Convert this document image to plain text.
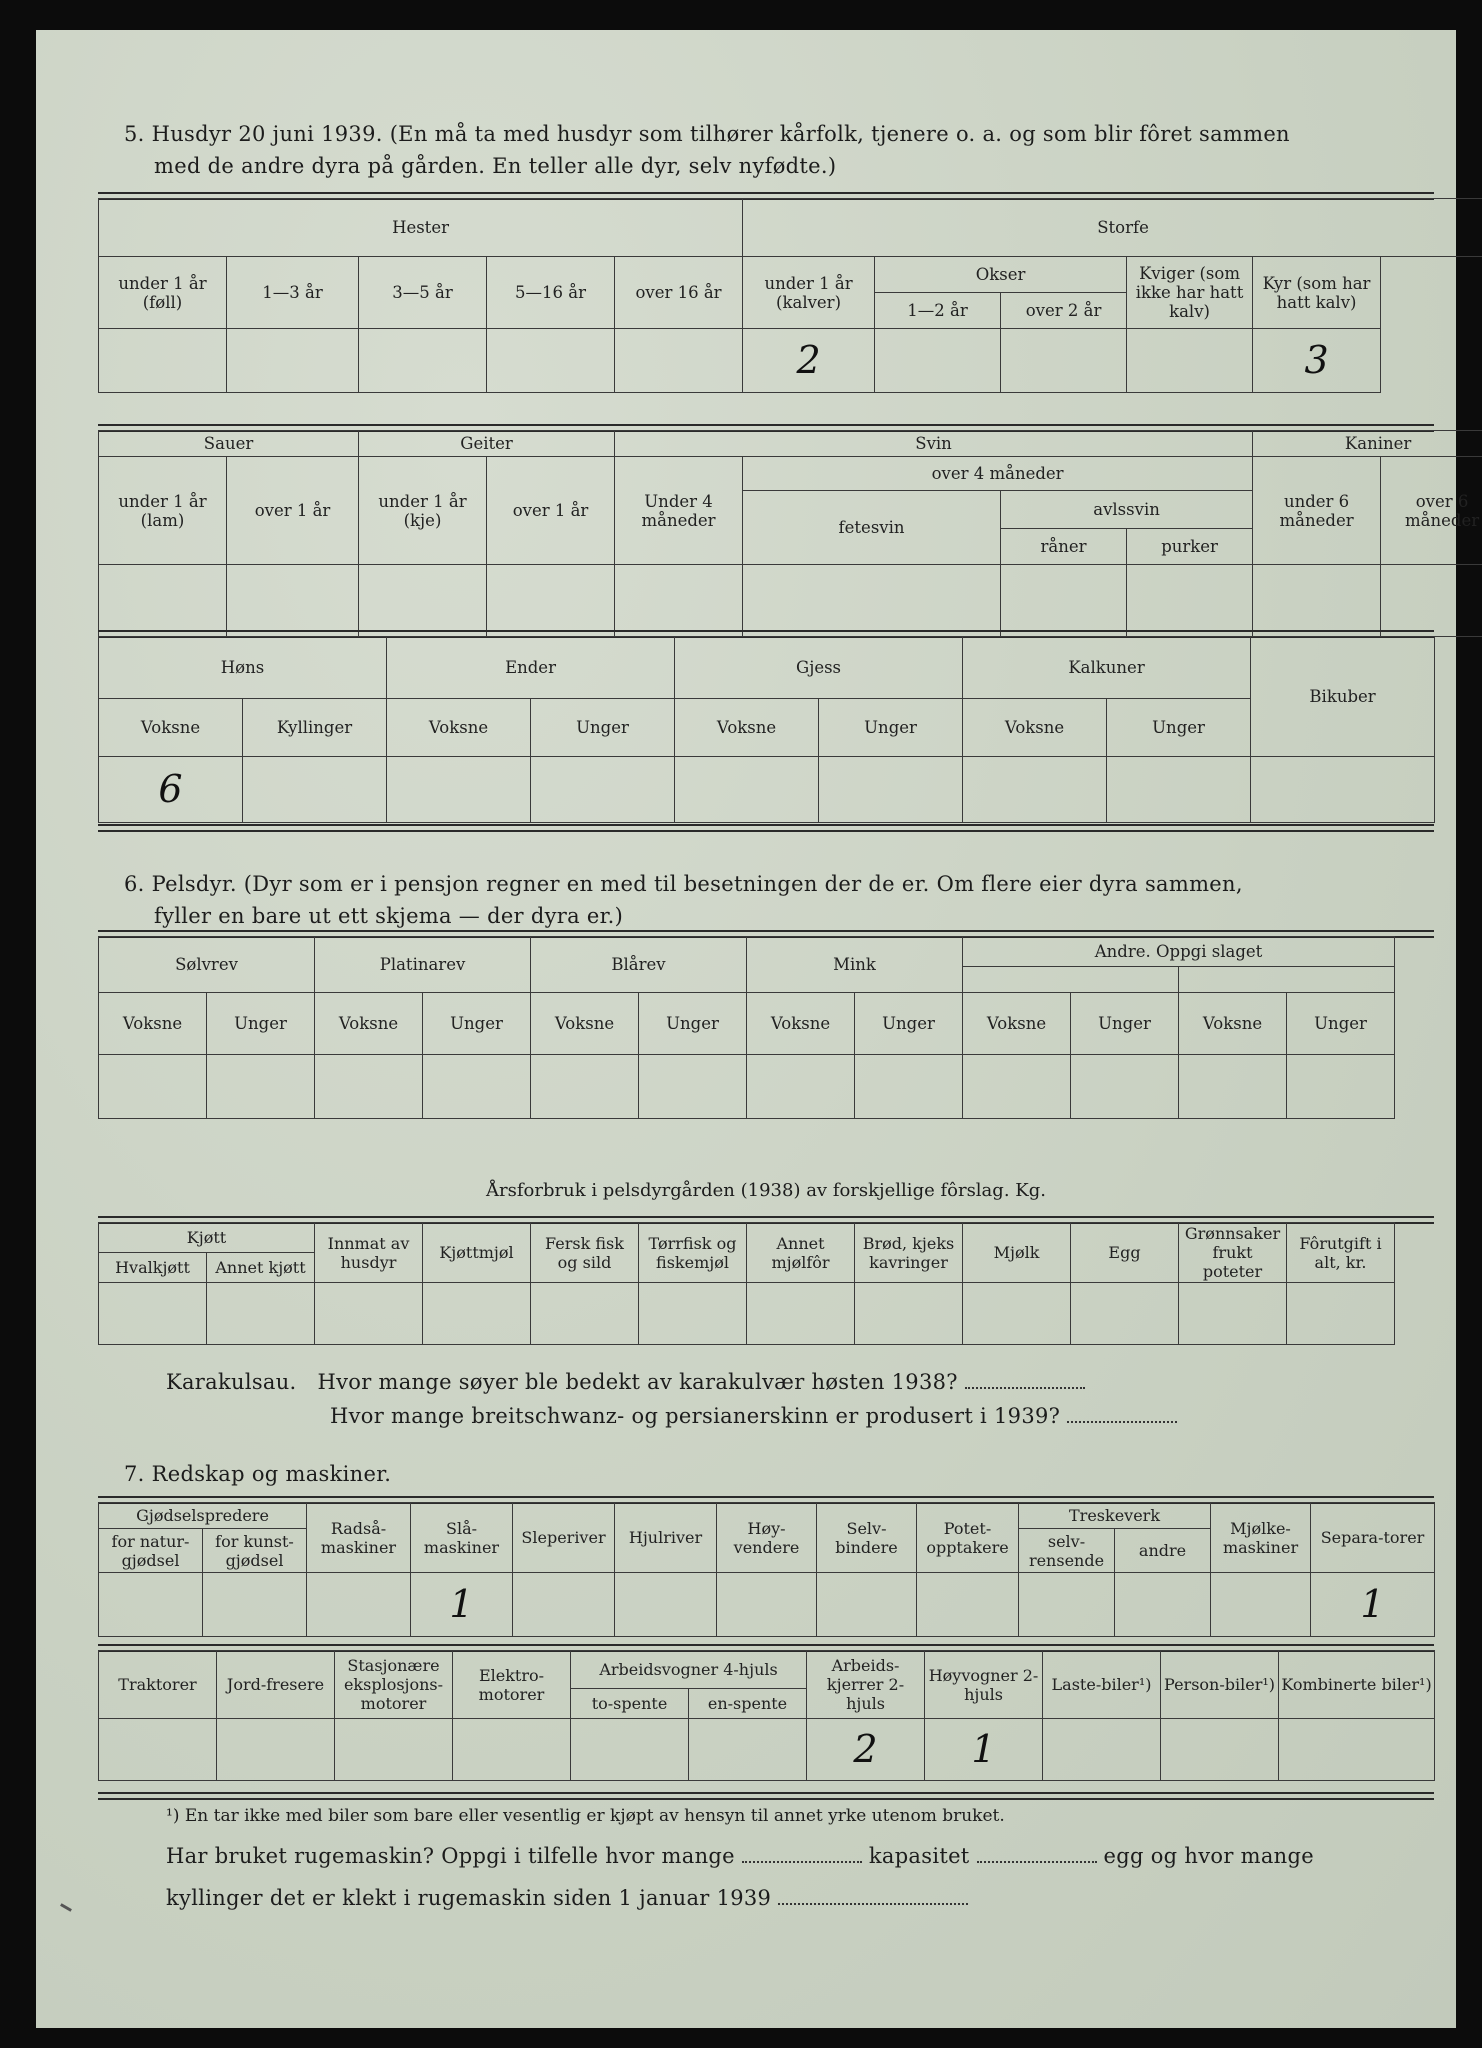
5. Husdyr 20 juni 1939. (En må ta med husdyr som tilhører kårfolk, tjenere o. a. og som blir fôret sammen
med de andre dyra på gården. En teller alle dyr, selv nyfødte.)
Hester					Storfe				
under 1 år (føll)	1—3 år	3—5 år	5—16 år	over 16 år	under 1 år (kalver)	Okser		Kviger (som ikke har hatt kalv)	Kyr (som har hatt kalv)
						1—2 år	over 2 år		
					2				3
Sauer		Geiter		Svin				Kaniner	
under 1 år (lam)	over 1 år	under 1 år (kje)	over 1 år	Under 4 måneder	over 4 måneder			under 6 måneder	over 6 måneder
					fetesvin	avlssvin			
						råner	purker		

Høns		Ender		Gjess		Kalkuner		Bikuber
Voksne	Kyllinger	Voksne	Unger	Voksne	Unger	Voksne	Unger	
6								
6. Pelsdyr. (Dyr som er i pensjon regner en med til besetningen der de er. Om flere eier dyra sammen,
fyller en bare ut ett skjema — der dyra er.)
Sølvrev		Platinarev		Blårev		Mink		Andre. Oppgi slaget			

Voksne	Unger	Voksne	Unger	Voksne	Unger	Voksne	Unger	Voksne	Unger	Voksne	Unger

Årsforbruk i pelsdyrgården (1938) av forskjellige fôrslag. Kg.
Kjøtt		Innmat av husdyr	Kjøttmjøl	Fersk fisk og sild	Tørrfisk og fiskemjøl	Annet mjølfôr	Brød, kjeks kavringer	Mjølk	Egg	Grønnsaker frukt poteter	Fôrutgift i alt, kr.
Hvalkjøtt	Annet kjøtt										

Karakulsau. Hvor mange søyer ble bedekt av karakulvær høsten 1938?
Hvor mange breitschwanz- og persianerskinn er produsert i 1939?
7. Redskap og maskiner.
Gjødselspredere		Radså-maskiner	Slå-maskiner	Sleperiver	Hjulriver	Høy-vendere	Selv-bindere	Potet-opptakere	Treskeverk		Mjølke-maskiner	Separa-torer
for natur-gjødsel	for kunst-gjødsel								selv-rensende	andre		
			1									1
Traktorer	Jord-fresere	Stasjonære eksplosjons-motorer	Elektro-motorer	Arbeidsvogner 4-hjuls		Arbeids-kjerrer 2-hjuls	Høyvogner 2-hjuls	Laste-biler¹)	Person-biler¹)	Kombinerte biler¹)
				to-spente	en-spente					
						2	1			
¹) En tar ikke med biler som bare eller vesentlig er kjøpt av hensyn til annet yrke utenom bruket.
Har bruket rugemaskin? Oppgi i tilfelle hvor mange	kapasitet	egg og hvor mange
kyllinger det er klekt i rugemaskin siden 1 januar 1939
